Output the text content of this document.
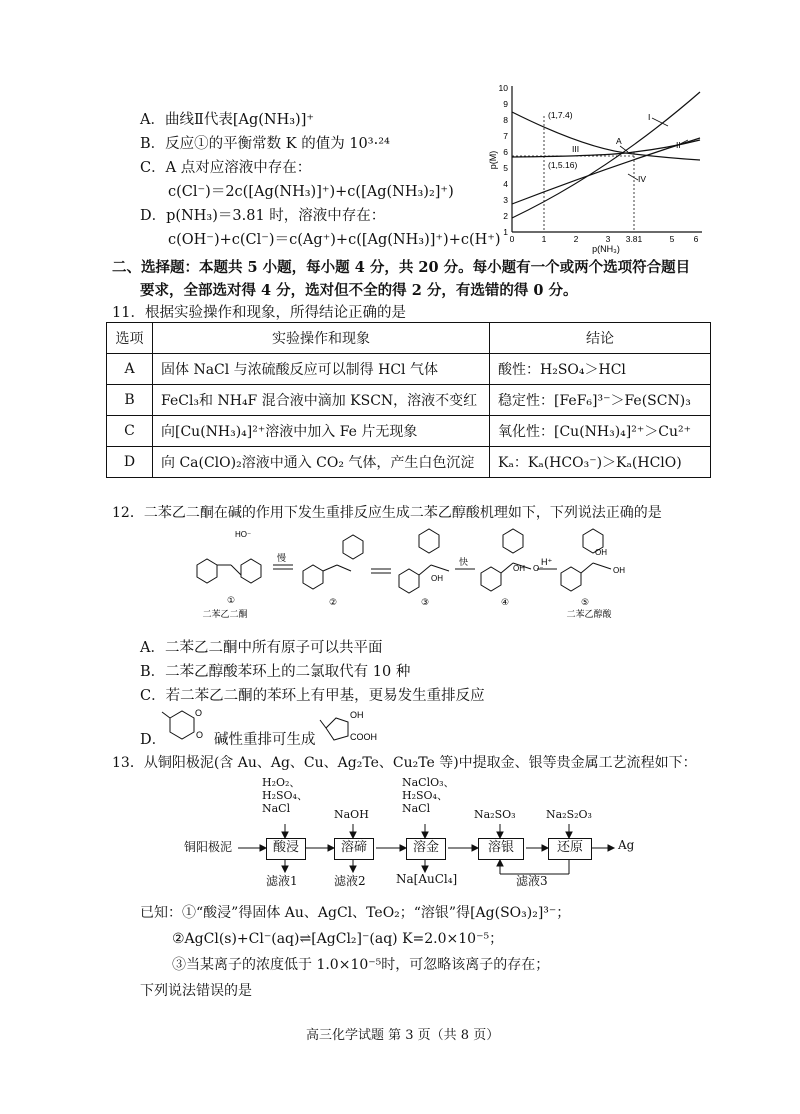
A．曲线Ⅱ代表[Ag(NH₃)]⁺
B．反应①的平衡常数 K 的值为 10³·²⁴
C．A 点对应溶液中存在：
c(Cl⁻)＝2c([Ag(NH₃)]⁺)+c([Ag(NH₃)₂]⁺)
D．p(NH₃)＝3.81 时，溶液中存在：
c(OH⁻)+c(Cl⁻)＝c(Ag⁺)+c([Ag(NH₃)]⁺)+c(H⁺) 1
2
3
4
5
6
7
8
9
10
0	1	2	3 3.81	5 6
p(M)
p(NH₃)
(1,7.4)
(1,5.16)
A
I
II
III
IV
二、选择题：本题共 5 小题，每小题 4 分，共 20 分。每小题有一个或两个选项符合题目
要求，全部选对得 4 分，选对但不全的得 2 分，有选错的得 0 分。
11．根据实验操作和现象，所得结论正确的是
选项	实验操作和现象	结论
A	固体 NaCl 与浓硫酸反应可以制得 HCl 气体	酸性：H₂SO₄＞HCl
B	FeCl₃和 NH₄F 混合液中滴加 KSCN，溶液不变红	稳定性：[FeF₆]³⁻＞Fe(SCN)₃
C	向[Cu(NH₃)₄]²⁺溶液中加入 Fe 片无现象	氧化性：[Cu(NH₃)₄]²⁺＞Cu²⁺
D	向 Ca(ClO)₂溶液中通入 CO₂ 气体，产生白色沉淀	Kₐ：Kₐ(HCO₃⁻)＞Kₐ(HClO)
12．二苯乙二酮在碱的作用下发生重排反应生成二苯乙醇酸机理如下，下列说法正确的是
HO⁻
OH
OH O⁻
OH
OH
慢	快	H⁺
①	②	③	④	⑤
二苯乙二酮	二苯乙醇酸
A．二苯乙二酮中所有原子可以共平面
B．二苯乙醇酸苯环上的二氯取代有 10 种
C．若二苯乙二酮的苯环上有甲基，更易发生重排反应
D．
O
O 碱性重排可生成
OH
COOH
13．从铜阳极泥(含 Au、Ag、Cu、Ag₂Te、Cu₂Te 等)中提取金、银等贵金属工艺流程如下：
铜阳极泥	酸浸	溶碲	溶金	溶银	还原	Ag
H₂O₂、
H₂SO₄、
NaCl	NaOH
NaClO₃、
H₂SO₄、
NaCl	Na₂SO₃	Na₂S₂O₃
滤液1	滤液2	Na[AuCl₄]	滤液3
已知：①“酸浸”得固体 Au、AgCl、TeO₂；“溶银”得[Ag(SO₃)₂]³⁻；
②AgCl(s)+Cl⁻(aq)⇌[AgCl₂]⁻(aq) K=2.0×10⁻⁵；
③当某离子的浓度低于 1.0×10⁻⁵时，可忽略该离子的存在；
下列说法错误的是
高三化学试题 第 3 页（共 8 页）
